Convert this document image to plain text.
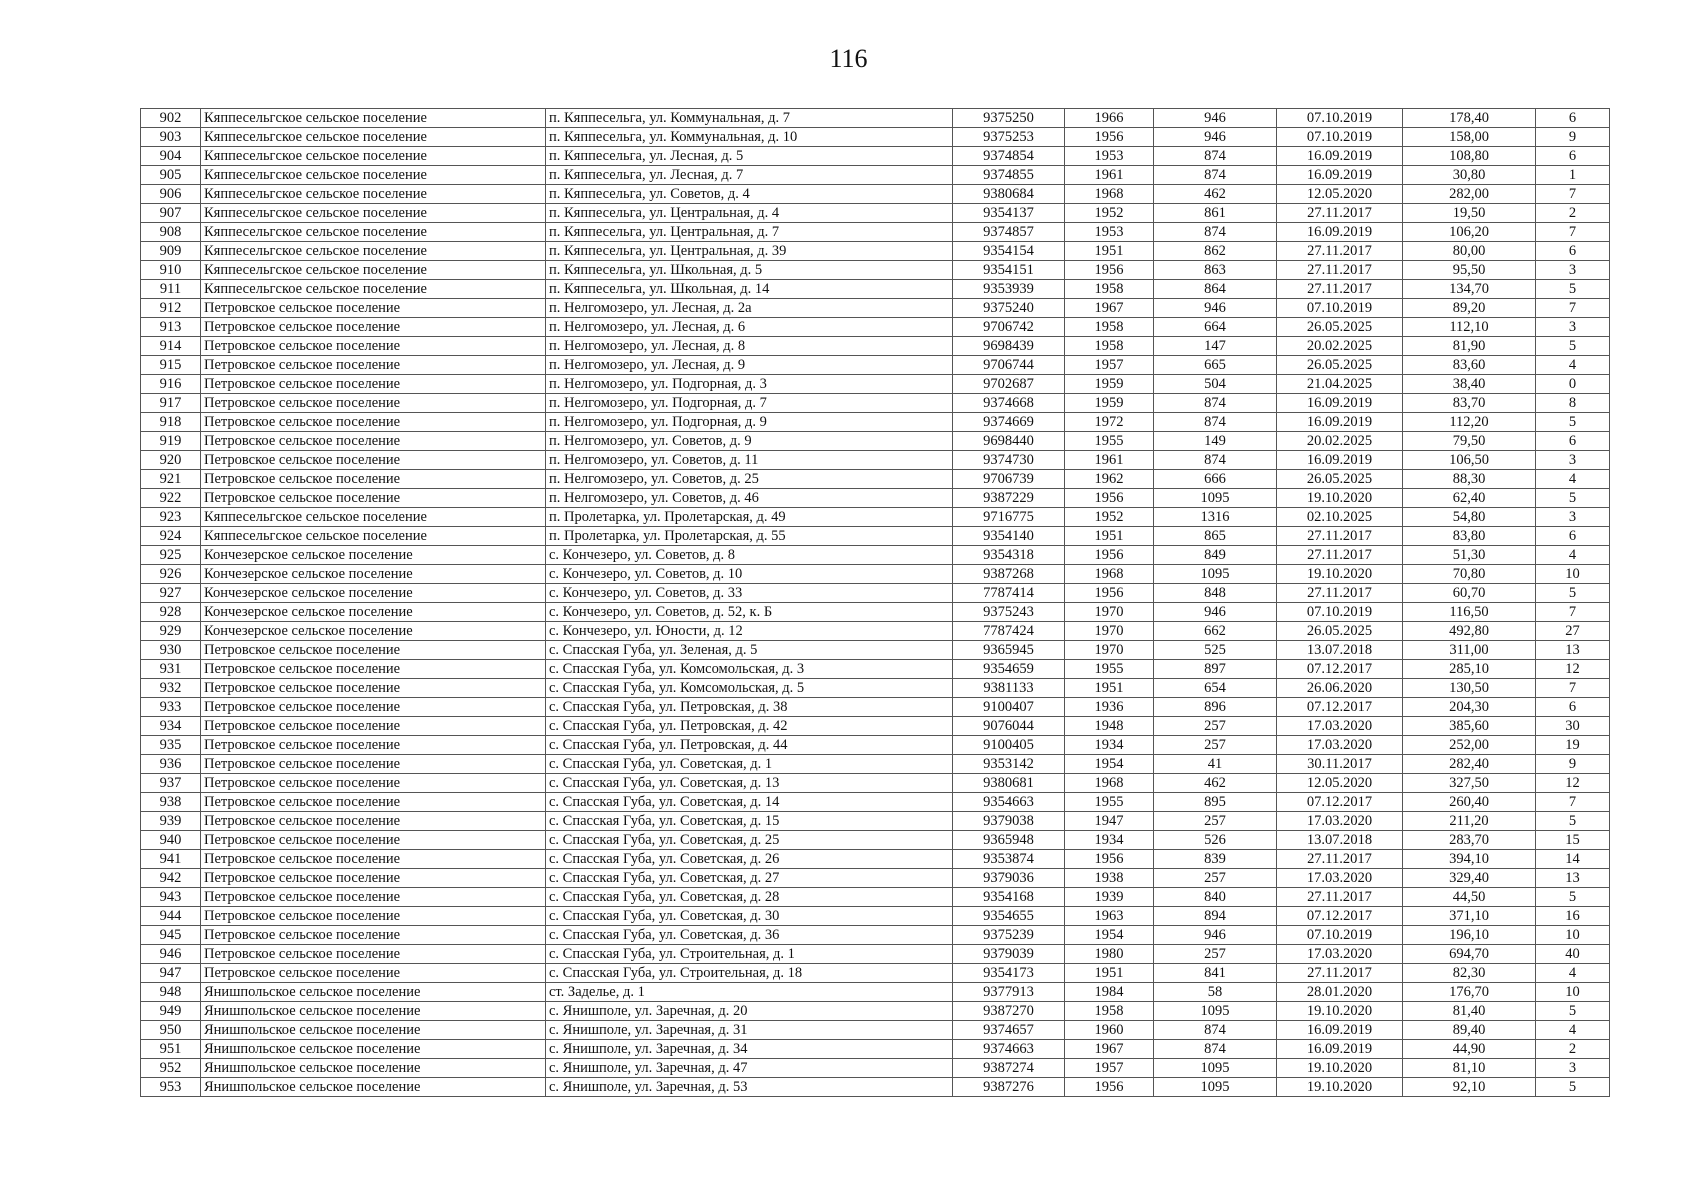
116
902	Кяппесельгское сельское поселение	п. Кяппесельга, ул. Коммунальная, д. 7	9375250	1966	946	07.10.2019	178,40	6
903	Кяппесельгское сельское поселение	п. Кяппесельга, ул. Коммунальная, д. 10	9375253	1956	946	07.10.2019	158,00	9
904	Кяппесельгское сельское поселение	п. Кяппесельга, ул. Лесная, д. 5	9374854	1953	874	16.09.2019	108,80	6
905	Кяппесельгское сельское поселение	п. Кяппесельга, ул. Лесная, д. 7	9374855	1961	874	16.09.2019	30,80	1
906	Кяппесельгское сельское поселение	п. Кяппесельга, ул. Советов, д. 4	9380684	1968	462	12.05.2020	282,00	7
907	Кяппесельгское сельское поселение	п. Кяппесельга, ул. Центральная, д. 4	9354137	1952	861	27.11.2017	19,50	2
908	Кяппесельгское сельское поселение	п. Кяппесельга, ул. Центральная, д. 7	9374857	1953	874	16.09.2019	106,20	7
909	Кяппесельгское сельское поселение	п. Кяппесельга, ул. Центральная, д. 39	9354154	1951	862	27.11.2017	80,00	6
910	Кяппесельгское сельское поселение	п. Кяппесельга, ул. Школьная, д. 5	9354151	1956	863	27.11.2017	95,50	3
911	Кяппесельгское сельское поселение	п. Кяппесельга, ул. Школьная, д. 14	9353939	1958	864	27.11.2017	134,70	5
912	Петровское сельское поселение	п. Нелгомозеро, ул. Лесная, д. 2а	9375240	1967	946	07.10.2019	89,20	7
913	Петровское сельское поселение	п. Нелгомозеро, ул. Лесная, д. 6	9706742	1958	664	26.05.2025	112,10	3
914	Петровское сельское поселение	п. Нелгомозеро, ул. Лесная, д. 8	9698439	1958	147	20.02.2025	81,90	5
915	Петровское сельское поселение	п. Нелгомозеро, ул. Лесная, д. 9	9706744	1957	665	26.05.2025	83,60	4
916	Петровское сельское поселение	п. Нелгомозеро, ул. Подгорная, д. 3	9702687	1959	504	21.04.2025	38,40	0
917	Петровское сельское поселение	п. Нелгомозеро, ул. Подгорная, д. 7	9374668	1959	874	16.09.2019	83,70	8
918	Петровское сельское поселение	п. Нелгомозеро, ул. Подгорная, д. 9	9374669	1972	874	16.09.2019	112,20	5
919	Петровское сельское поселение	п. Нелгомозеро, ул. Советов, д. 9	9698440	1955	149	20.02.2025	79,50	6
920	Петровское сельское поселение	п. Нелгомозеро, ул. Советов, д. 11	9374730	1961	874	16.09.2019	106,50	3
921	Петровское сельское поселение	п. Нелгомозеро, ул. Советов, д. 25	9706739	1962	666	26.05.2025	88,30	4
922	Петровское сельское поселение	п. Нелгомозеро, ул. Советов, д. 46	9387229	1956	1095	19.10.2020	62,40	5
923	Кяппесельгское сельское поселение	п. Пролетарка, ул. Пролетарская, д. 49	9716775	1952	1316	02.10.2025	54,80	3
924	Кяппесельгское сельское поселение	п. Пролетарка, ул. Пролетарская, д. 55	9354140	1951	865	27.11.2017	83,80	6
925	Кончезерское сельское поселение	с. Кончезеро, ул. Советов, д. 8	9354318	1956	849	27.11.2017	51,30	4
926	Кончезерское сельское поселение	с. Кончезеро, ул. Советов, д. 10	9387268	1968	1095	19.10.2020	70,80	10
927	Кончезерское сельское поселение	с. Кончезеро, ул. Советов, д. 33	7787414	1956	848	27.11.2017	60,70	5
928	Кончезерское сельское поселение	с. Кончезеро, ул. Советов, д. 52, к. Б	9375243	1970	946	07.10.2019	116,50	7
929	Кончезерское сельское поселение	с. Кончезеро, ул. Юности, д. 12	7787424	1970	662	26.05.2025	492,80	27
930	Петровское сельское поселение	с. Спасская Губа, ул. Зеленая, д. 5	9365945	1970	525	13.07.2018	311,00	13
931	Петровское сельское поселение	с. Спасская Губа, ул. Комсомольская, д. 3	9354659	1955	897	07.12.2017	285,10	12
932	Петровское сельское поселение	с. Спасская Губа, ул. Комсомольская, д. 5	9381133	1951	654	26.06.2020	130,50	7
933	Петровское сельское поселение	с. Спасская Губа, ул. Петровская, д. 38	9100407	1936	896	07.12.2017	204,30	6
934	Петровское сельское поселение	с. Спасская Губа, ул. Петровская, д. 42	9076044	1948	257	17.03.2020	385,60	30
935	Петровское сельское поселение	с. Спасская Губа, ул. Петровская, д. 44	9100405	1934	257	17.03.2020	252,00	19
936	Петровское сельское поселение	с. Спасская Губа, ул. Советская, д. 1	9353142	1954	41	30.11.2017	282,40	9
937	Петровское сельское поселение	с. Спасская Губа, ул. Советская, д. 13	9380681	1968	462	12.05.2020	327,50	12
938	Петровское сельское поселение	с. Спасская Губа, ул. Советская, д. 14	9354663	1955	895	07.12.2017	260,40	7
939	Петровское сельское поселение	с. Спасская Губа, ул. Советская, д. 15	9379038	1947	257	17.03.2020	211,20	5
940	Петровское сельское поселение	с. Спасская Губа, ул. Советская, д. 25	9365948	1934	526	13.07.2018	283,70	15
941	Петровское сельское поселение	с. Спасская Губа, ул. Советская, д. 26	9353874	1956	839	27.11.2017	394,10	14
942	Петровское сельское поселение	с. Спасская Губа, ул. Советская, д. 27	9379036	1938	257	17.03.2020	329,40	13
943	Петровское сельское поселение	с. Спасская Губа, ул. Советская, д. 28	9354168	1939	840	27.11.2017	44,50	5
944	Петровское сельское поселение	с. Спасская Губа, ул. Советская, д. 30	9354655	1963	894	07.12.2017	371,10	16
945	Петровское сельское поселение	с. Спасская Губа, ул. Советская, д. 36	9375239	1954	946	07.10.2019	196,10	10
946	Петровское сельское поселение	с. Спасская Губа, ул. Строительная, д. 1	9379039	1980	257	17.03.2020	694,70	40
947	Петровское сельское поселение	с. Спасская Губа, ул. Строительная, д. 18	9354173	1951	841	27.11.2017	82,30	4
948	Янишпольское сельское поселение	ст. Задельe, д. 1	9377913	1984	58	28.01.2020	176,70	10
949	Янишпольское сельское поселение	с. Янишполе, ул. Заречная, д. 20	9387270	1958	1095	19.10.2020	81,40	5
950	Янишпольское сельское поселение	с. Янишполе, ул. Заречная, д. 31	9374657	1960	874	16.09.2019	89,40	4
951	Янишпольское сельское поселение	с. Янишполе, ул. Заречная, д. 34	9374663	1967	874	16.09.2019	44,90	2
952	Янишпольское сельское поселение	с. Янишполе, ул. Заречная, д. 47	9387274	1957	1095	19.10.2020	81,10	3
953	Янишпольское сельское поселение	с. Янишполе, ул. Заречная, д. 53	9387276	1956	1095	19.10.2020	92,10	5
